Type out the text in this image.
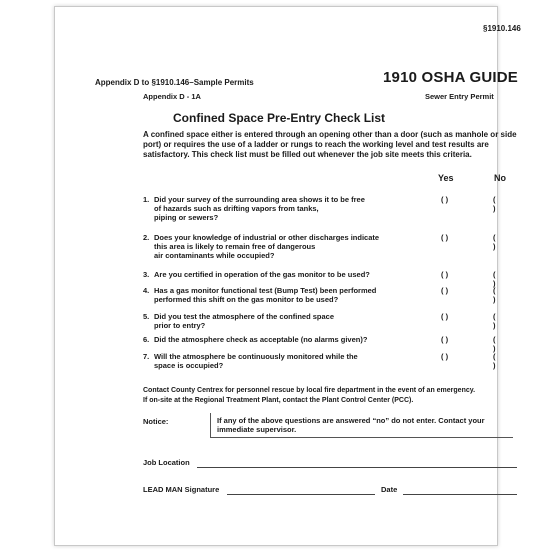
§1910.146
Appendix D to §1910.146–Sample Permits	1910 OSHA GUIDE
Appendix D - 1A	Sewer Entry Permit
Confined Space Pre-Entry Check List
A confined space either is entered through an opening other than a door (such as manhole or side port) or requires the use of a ladder or rungs to reach the working level and test results are satisfactory. This check list must be filled out whenever the job site meets this criteria.
Yes	No
1. Did your survey of the surrounding area shows it to be free
of hazards such as drifting vapors from tanks,
piping or sewers?
( )	( )
2. Does your knowledge of industrial or other discharges indicate
this area is likely to remain free of dangerous
air contaminants while occupied?
( )	( )
3. Are you certified in operation of the gas monitor to be used?	( )	( )
4. Has a gas monitor functional test (Bump Test) been performed
performed this shift on the gas monitor to be used?
( )	( )
5. Did you test the atmosphere of the confined space
prior to entry?
( )	( )
6. Did the atmosphere check as acceptable (no alarms given)?	( )	( )
7. Will the atmosphere be continuously monitored while the
space is occupied?
( )	( )
Contact County Centrex for personnel rescue by local fire department in the event of an emergency.
If on-site at the Regional Treatment Plant, contact the Plant Control Center (PCC).
Notice:	If any of the above questions are answered “no” do not enter. Contact your
immediate supervisor.
Job Location
LEAD MAN Signature	Date
